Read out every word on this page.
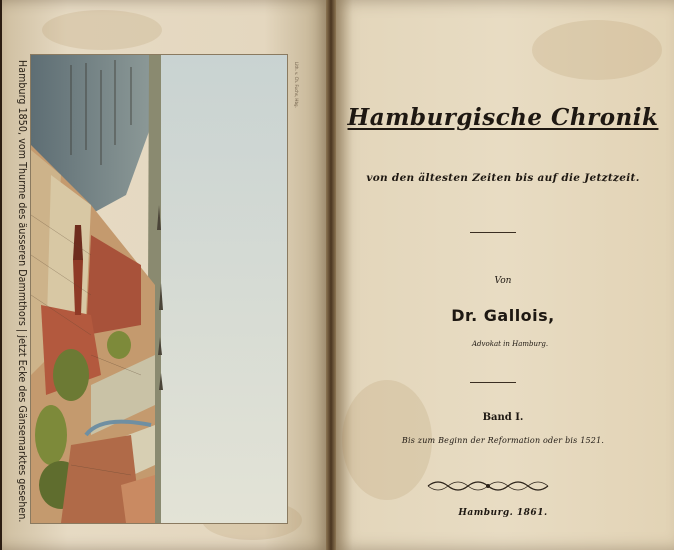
Hamburg 1850, vom Thurme des äusseren Dammthors | jetzt Ecke des Gänsemarktes gesehen.	Lith. v. Ch. Fuchs, Hbg.
Hamburgische Chronik
von den ältesten Zeiten bis auf die Jetztzeit.
Von
Dr. Gallois,
Advokat in Hamburg.
Band I.
Bis zum Beginn der Reformation oder bis 1521.
Hamburg. 1861.
